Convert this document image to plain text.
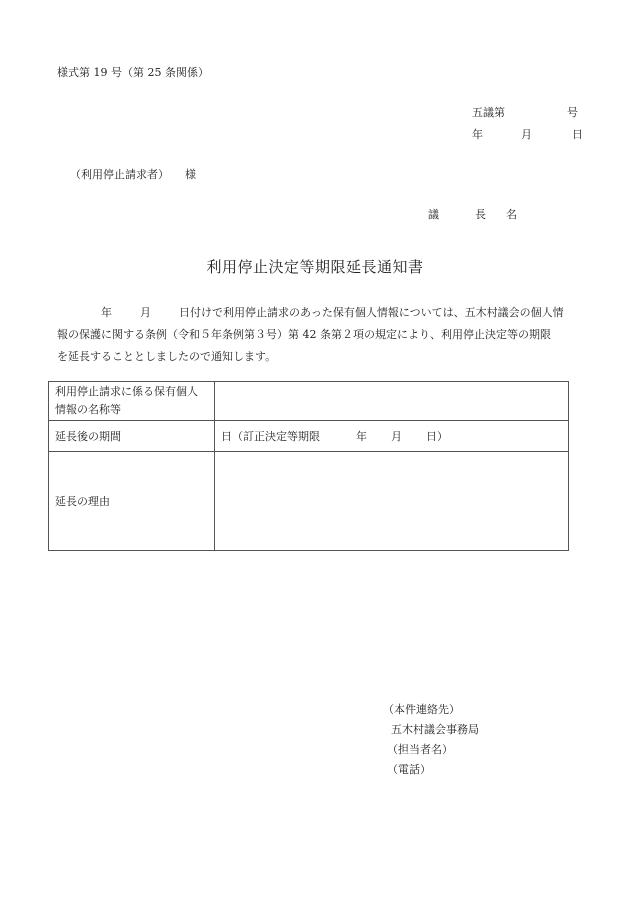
様式第 19 号（第 25 条関係）
五議第	号
年	月	日
（利用停止請求者） 様
議	長 名
利用停止決定等期限延長通知書
年	月	日付けで利用停止請求のあった保有個人情報については、五木村議会の個人情
報の保護に関する条例（令和５年条例第３号）第 42 条第２項の規定により、利用停止決定等の期限
を延長することとしましたので通知します。
利用停止請求に係る保有個人
情報の名称等	

延長後の期間	日（訂正決定等期限 年 月 日）
延長の理由	
（本件連絡先）
五木村議会事務局
（担当者名）
（電話）
